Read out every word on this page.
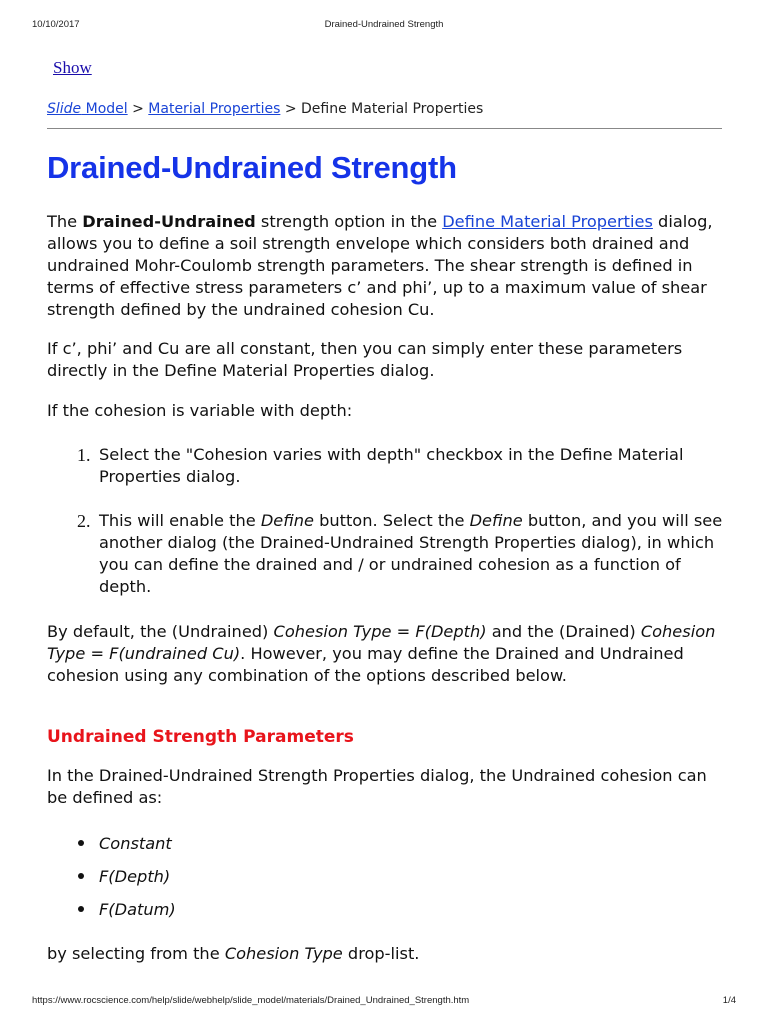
10/10/2017	Drained-Undrained Strength
Show
Slide Model > Material Properties > Define Material Properties
Drained-Undrained Strength

The Drained-Undrained strength option in the Define Material Properties dialog, allows you to define a soil strength envelope which considers both drained and undrained Mohr-Coulomb strength parameters. The shear strength is defined in terms of effective stress parameters c’ and phi’, up to a maximum value of shear strength defined by the undrained cohesion Cu.

If c’, phi’ and Cu are all constant, then you can simply enter these parameters directly in the Define Material Properties dialog.

If the cohesion is variable with depth:

1. Select the "Cohesion varies with depth" checkbox in the Define Material Properties dialog.
2. This will enable the Define button. Select the Define button, and you will see another dialog (the Drained-Undrained Strength Properties dialog), in which you can define the drained and / or undrained cohesion as a function of depth.

By default, the (Undrained) Cohesion Type = F(Depth) and the (Drained) Cohesion Type = F(undrained Cu). However, you may define the Drained and Undrained cohesion using any combination of the options described below.

Undrained Strength Parameters

In the Drained-Undrained Strength Properties dialog, the Undrained cohesion can be defined as:

Constant
F(Depth)
F(Datum)

by selecting from the Cohesion Type drop-list.

https://www.rocscience.com/help/slide/webhelp/slide_model/materials/Drained_Undrained_Strength.htm	1/4
